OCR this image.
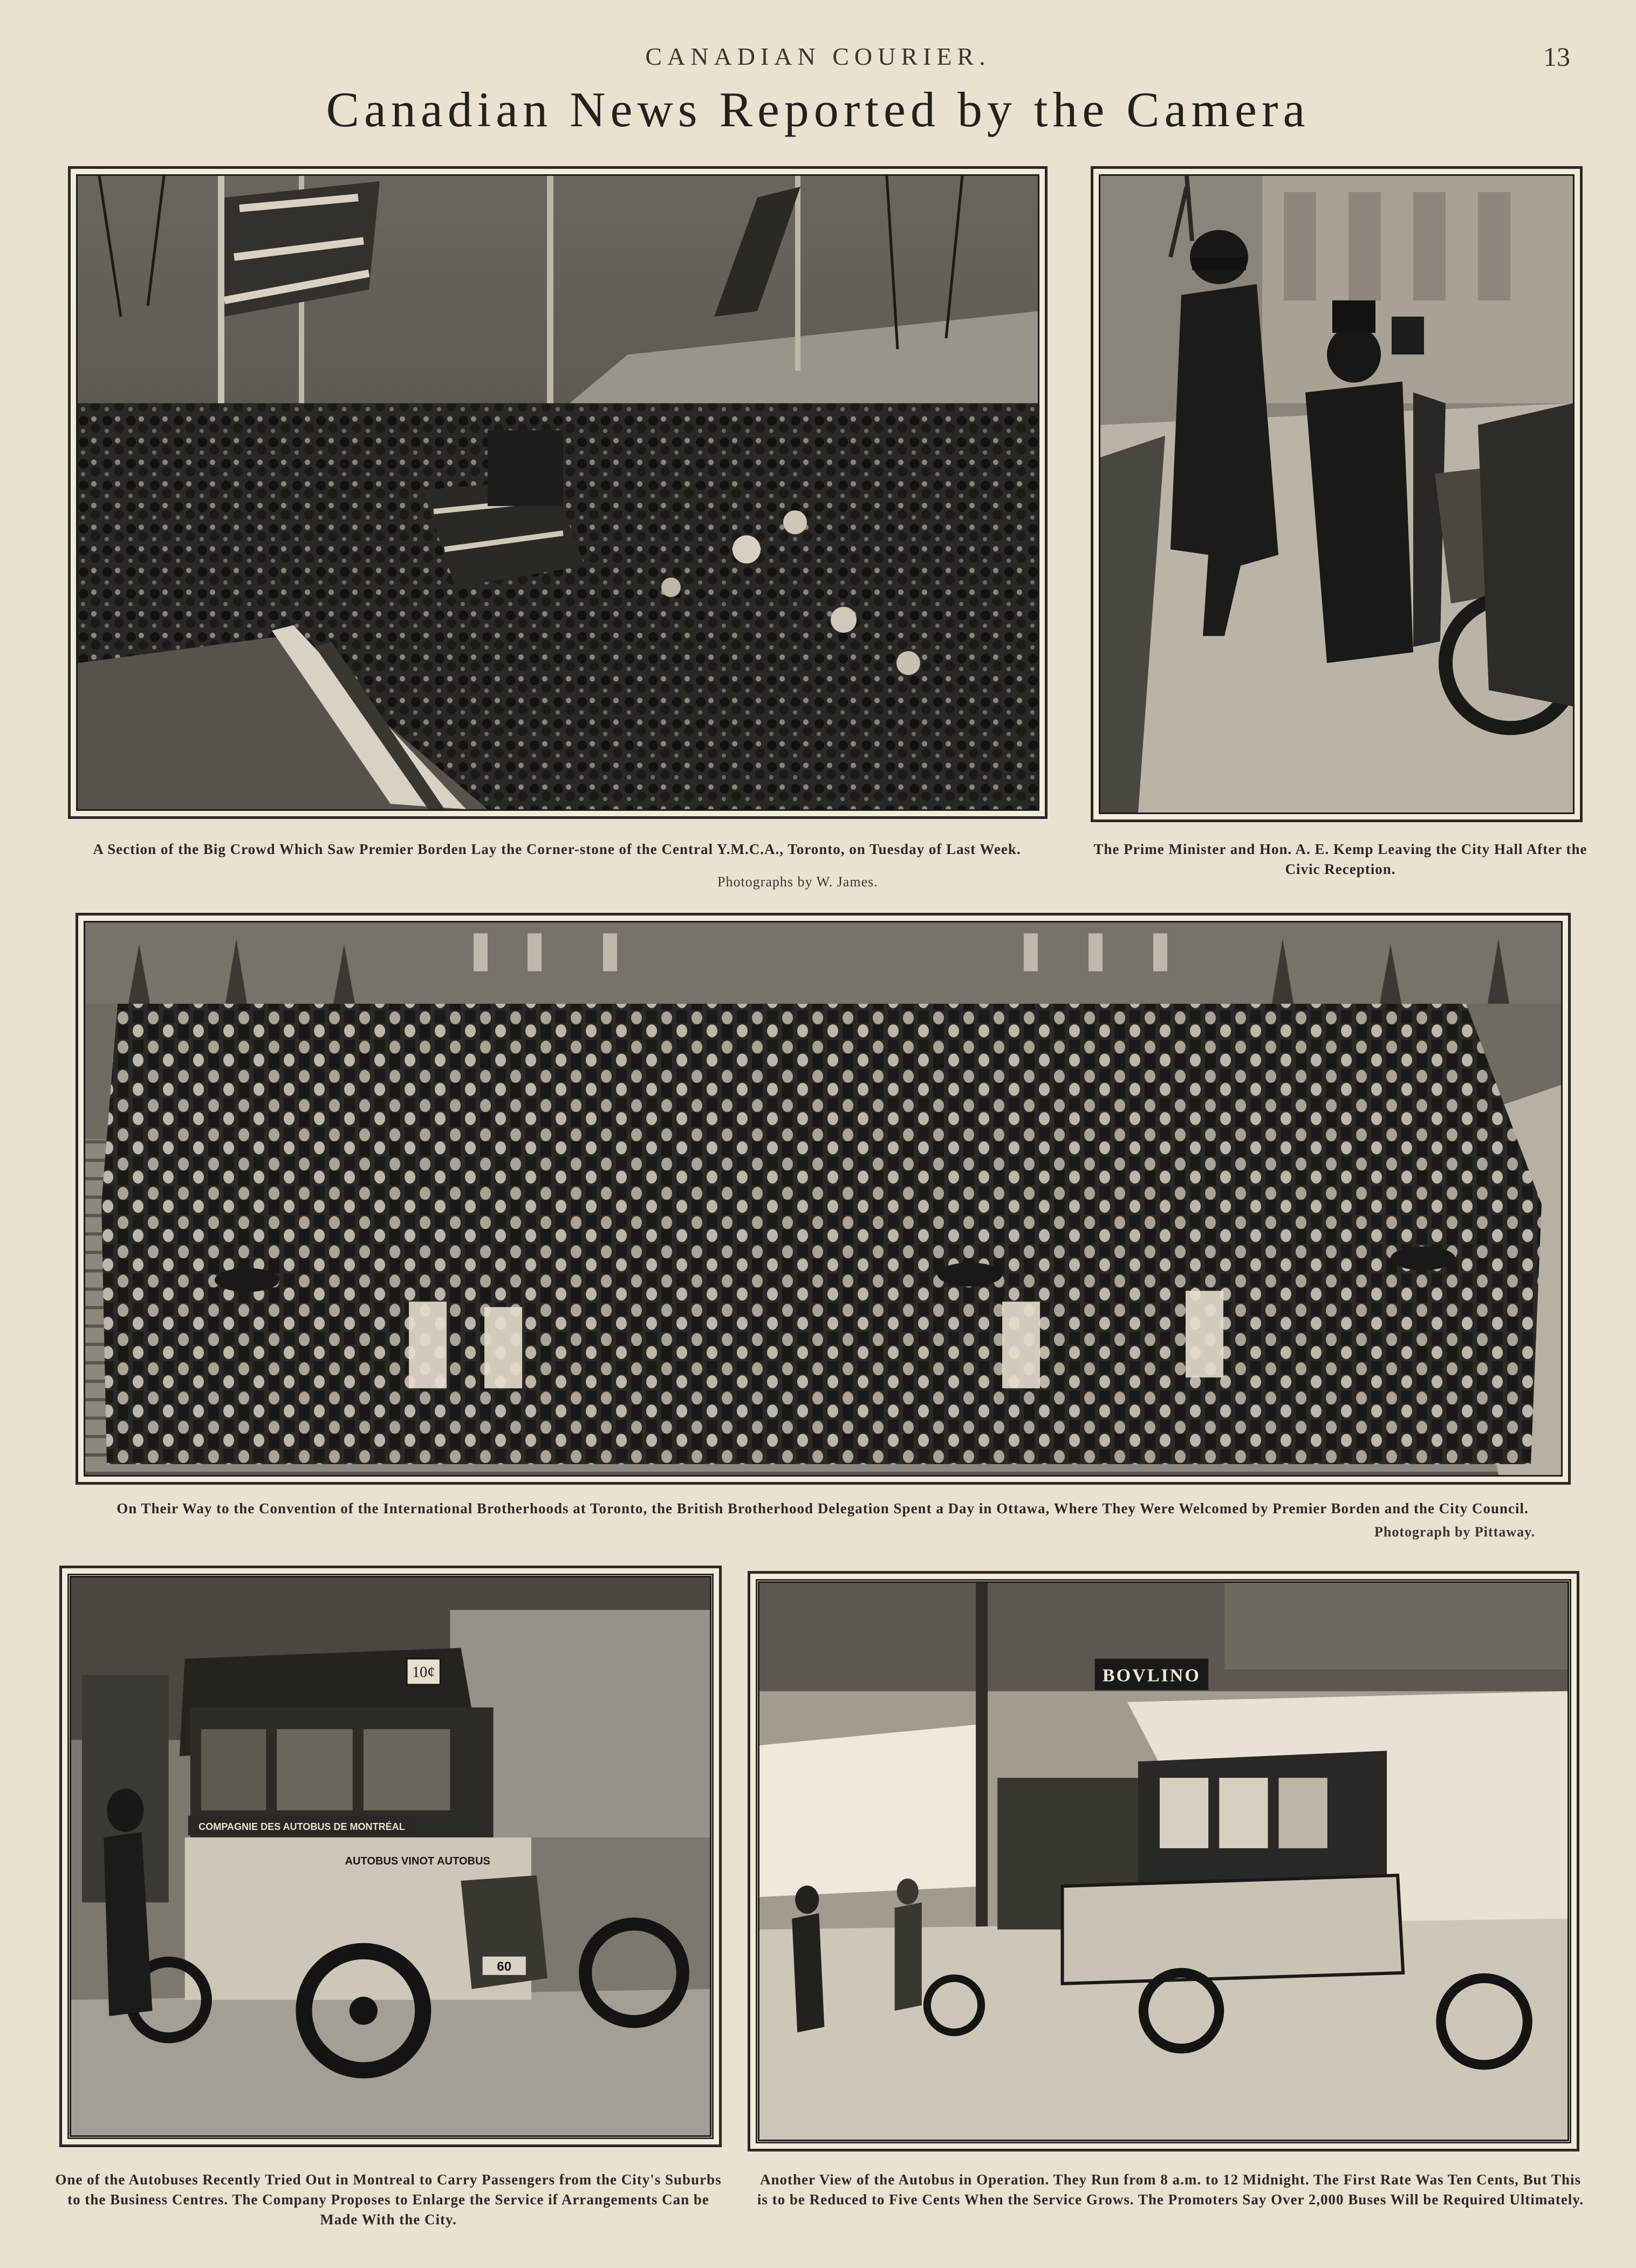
CANADIAN COURIER.	13
Canadian News Reported by the Camera
A Section of the Big Crowd Which Saw Premier Borden Lay the Corner-stone of the Central Y.M.C.A., Toronto, on Tuesday of Last Week.
Photographs by W. James.
The Prime Minister and Hon. A. E. Kemp Leaving the City Hall After the Civic Reception.
On Their Way to the Convention of the International Brotherhoods at Toronto, the British Brotherhood Delegation Spent a Day in Ottawa, Where They Were Welcomed by Premier Borden and the City Council.
Photograph by Pittaway.
10¢
COMPAGNIE DES AUTOBUS DE MONTRÉAL
AUTOBUS VINOT AUTOBUS
60
BOVLINO
One of the Autobuses Recently Tried Out in Montreal to Carry Passengers from the City's Suburbs to the Business Centres. The Company Proposes to Enlarge the Service if Arrangements Can be Made With the City.
Another View of the Autobus in Operation. They Run from 8 a.m. to 12 Midnight. The First Rate Was Ten Cents, But This is to be Reduced to Five Cents When the Service Grows. The Promoters Say Over 2,000 Buses Will be Required Ultimately.
